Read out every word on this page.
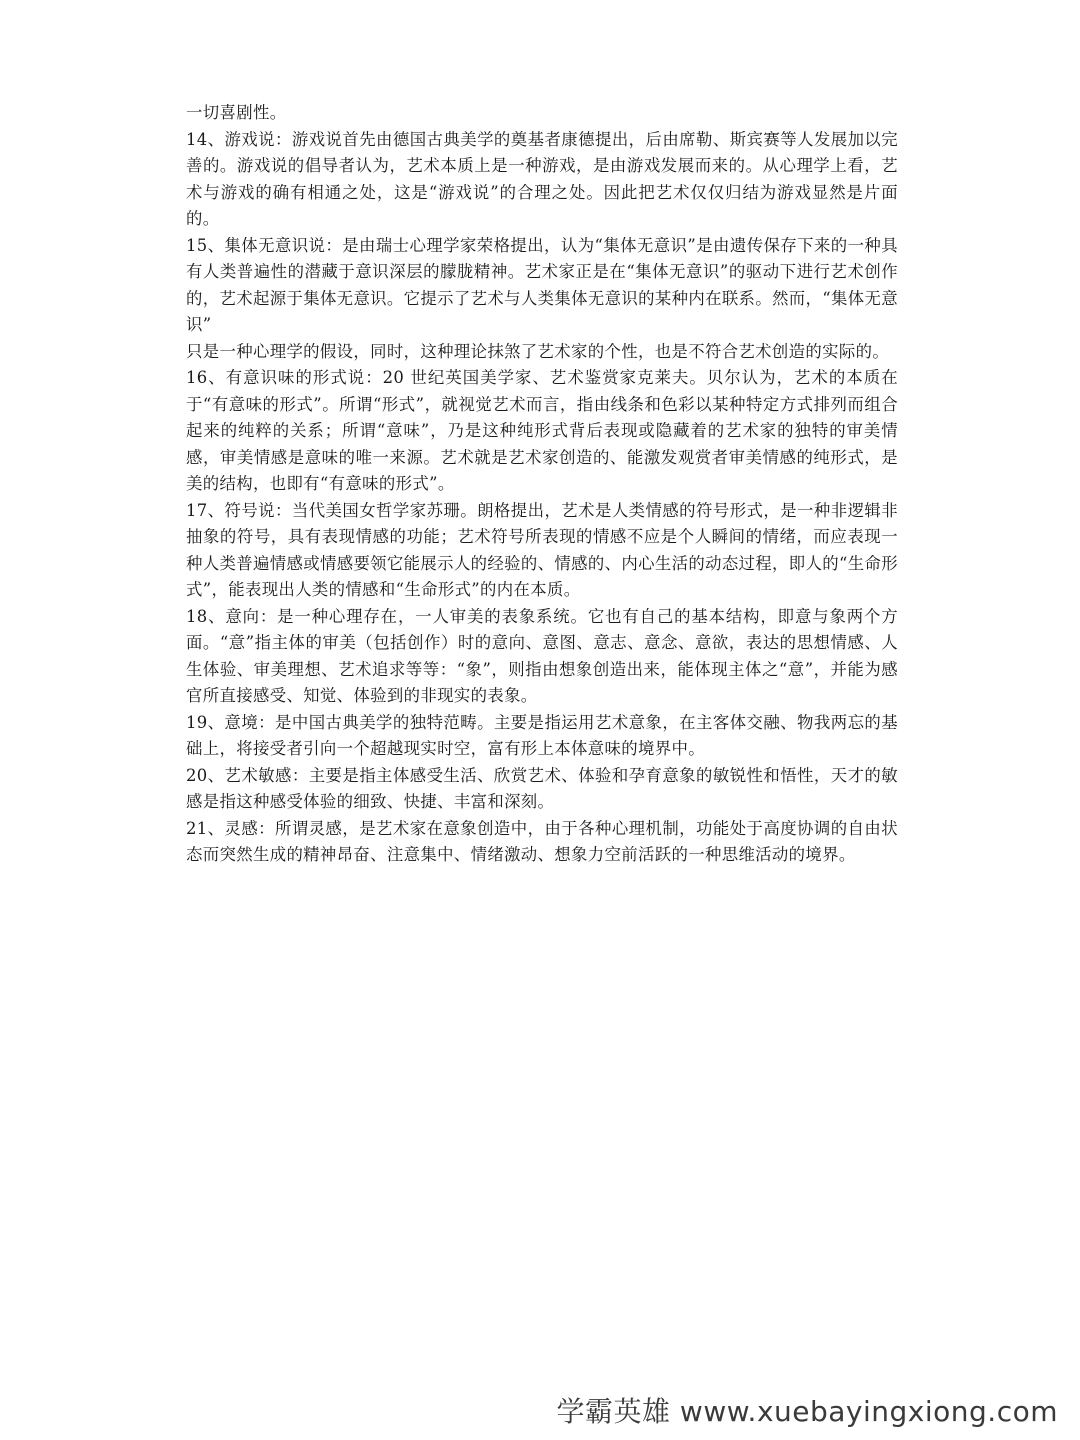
一切喜剧性。

14、游戏说：游戏说首先由德国古典美学的奠基者康德提出，后由席勒、斯宾赛等人发展加以完善的。游戏说的倡导者认为，艺术本质上是一种游戏，是由游戏发展而来的。从心理学上看，艺术与游戏的确有相通之处，这是“游戏说”的合理之处。因此把艺术仅仅归结为游戏显然是片面的。

15、集体无意识说：是由瑞士心理学家荣格提出，认为“集体无意识”是由遗传保存下来的一种具有人类普遍性的潜藏于意识深层的朦胧精神。艺术家正是在“集体无意识”的驱动下进行艺术创作的，艺术起源于集体无意识。它提示了艺术与人类集体无意识的某种内在联系。然而，“集体无意识”

只是一种心理学的假设，同时，这种理论抹煞了艺术家的个性，也是不符合艺术创造的实际的。

16、有意识味的形式说：20 世纪英国美学家、艺术鉴赏家克莱夫。贝尔认为，艺术的本质在于“有意味的形式”。所谓“形式”，就视觉艺术而言，指由线条和色彩以某种特定方式排列而组合起来的纯粹的关系；所谓“意味”，乃是这种纯形式背后表现或隐藏着的艺术家的独特的审美情感，审美情感是意味的唯一来源。艺术就是艺术家创造的、能激发观赏者审美情感的纯形式，是美的结构，也即有“有意味的形式”。

17、符号说：当代美国女哲学家苏珊。朗格提出，艺术是人类情感的符号形式，是一种非逻辑非抽象的符号，具有表现情感的功能；艺术符号所表现的情感不应是个人瞬间的情绪，而应表现一种人类普遍情感或情感要领它能展示人的经验的、情感的、内心生活的动态过程，即人的“生命形式”，能表现出人类的情感和“生命形式”的内在本质。

18、意向：是一种心理存在，一人审美的表象系统。它也有自己的基本结构，即意与象两个方面。“意”指主体的审美（包括创作）时的意向、意图、意志、意念、意欲，表达的思想情感、人生体验、审美理想、艺术追求等等：“象”，则指由想象创造出来，能体现主体之“意”，并能为感官所直接感受、知觉、体验到的非现实的表象。

19、意境：是中国古典美学的独特范畴。主要是指运用艺术意象，在主客体交融、物我两忘的基础上，将接受者引向一个超越现实时空，富有形上本体意味的境界中。

20、艺术敏感：主要是指主体感受生活、欣赏艺术、体验和孕育意象的敏锐性和悟性，天才的敏感是指这种感受体验的细致、快捷、丰富和深刻。

21、灵感：所谓灵感，是艺术家在意象创造中，由于各种心理机制，功能处于高度协调的自由状态而突然生成的精神昂奋、注意集中、情绪激动、想象力空前活跃的一种思维活动的境界。

学霸英雄 www.xuebayingxiong.com
